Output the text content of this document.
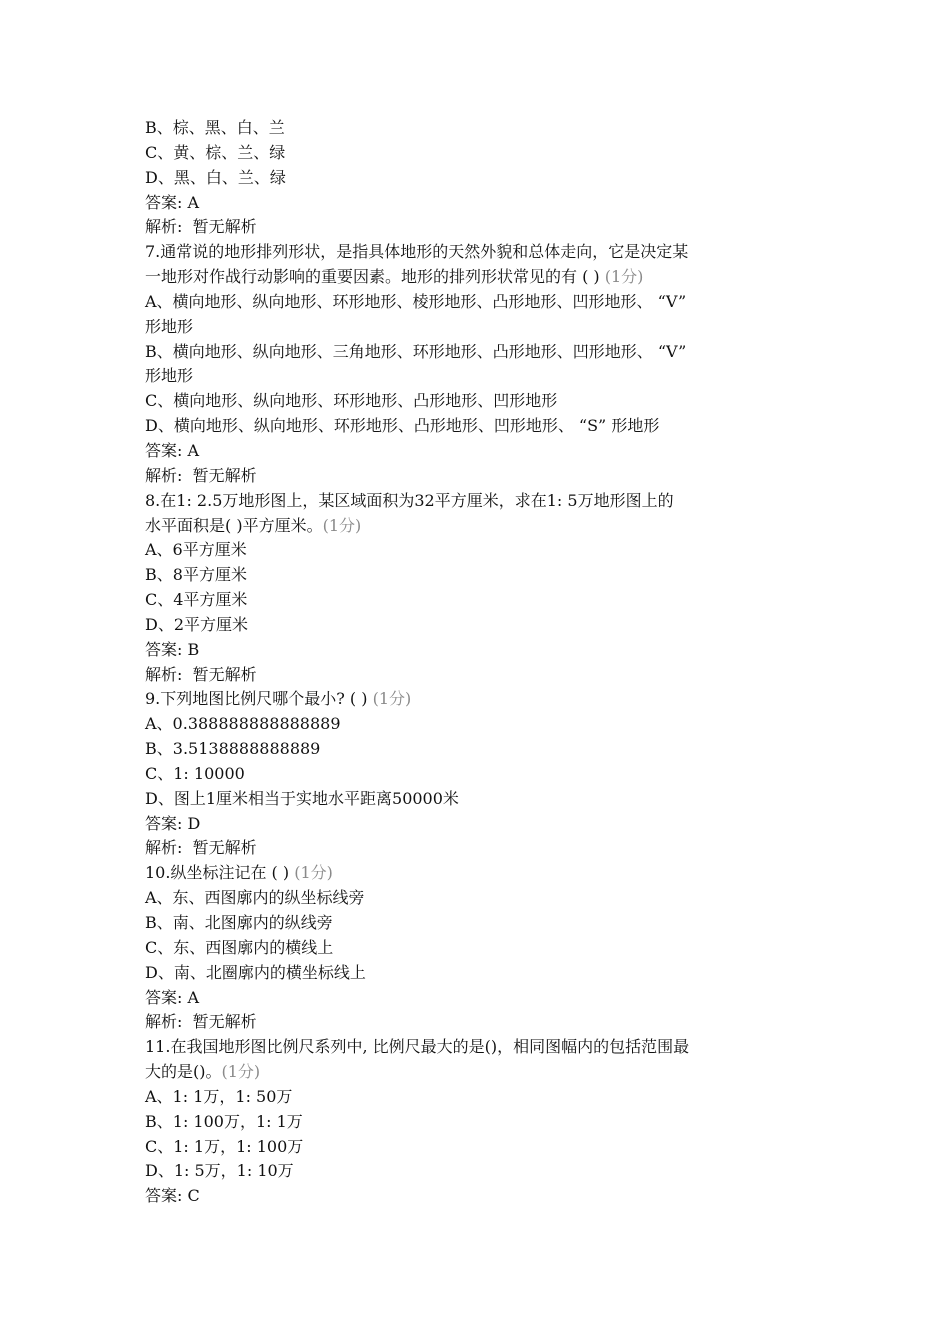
B、棕、黑、白、兰

C、黄、棕、兰、绿

D、黑、白、兰、绿

答案: A

解析:  暂无解析

7.通常说的地形排列形状，是指具体地形的天然外貌和总体走向，它是决定某

一地形对作战行动影响的重要因素。地形的排列形状常见的有 ( ) (1分)

A、横向地形、纵向地形、环形地形、棱形地形、凸形地形、凹形地形、 “V”

形地形

B、横向地形、纵向地形、三角地形、环形地形、凸形地形、凹形地形、 “V”

形地形

C、横向地形、纵向地形、环形地形、凸形地形、凹形地形

D、横向地形、纵向地形、环形地形、凸形地形、凹形地形、 “S” 形地形

答案: A

解析:  暂无解析

8.在1: 2.5万地形图上，某区域面积为32平方厘米，求在1: 5万地形图上的

水平面积是( )平方厘米。(1分)

A、6平方厘米

B、8平方厘米

C、4平方厘米

D、2平方厘米

答案: B

解析:  暂无解析

9.下列地图比例尺哪个最小? ( ) (1分)

A、0.388888888888889

B、3.5138888888889

C、1: 10000

D、图上1厘米相当于实地水平距离50000米

答案: D

解析:  暂无解析

10.纵坐标注记在 ( ) (1分)

A、东、西图廓内的纵坐标线旁

B、南、北图廓内的纵线旁

C、东、西图廓内的横线上

D、南、北圈廓内的横坐标线上

答案: A

解析:  暂无解析

11.在我国地形图比例尺系列中, 比例尺最大的是()，相同图幅内的包括范围最

大的是()。(1分)

A、1: 1万，1: 50万

B、1: 100万，1: 1万

C、1: 1万，1: 100万

D、1: 5万，1: 10万

答案: C
